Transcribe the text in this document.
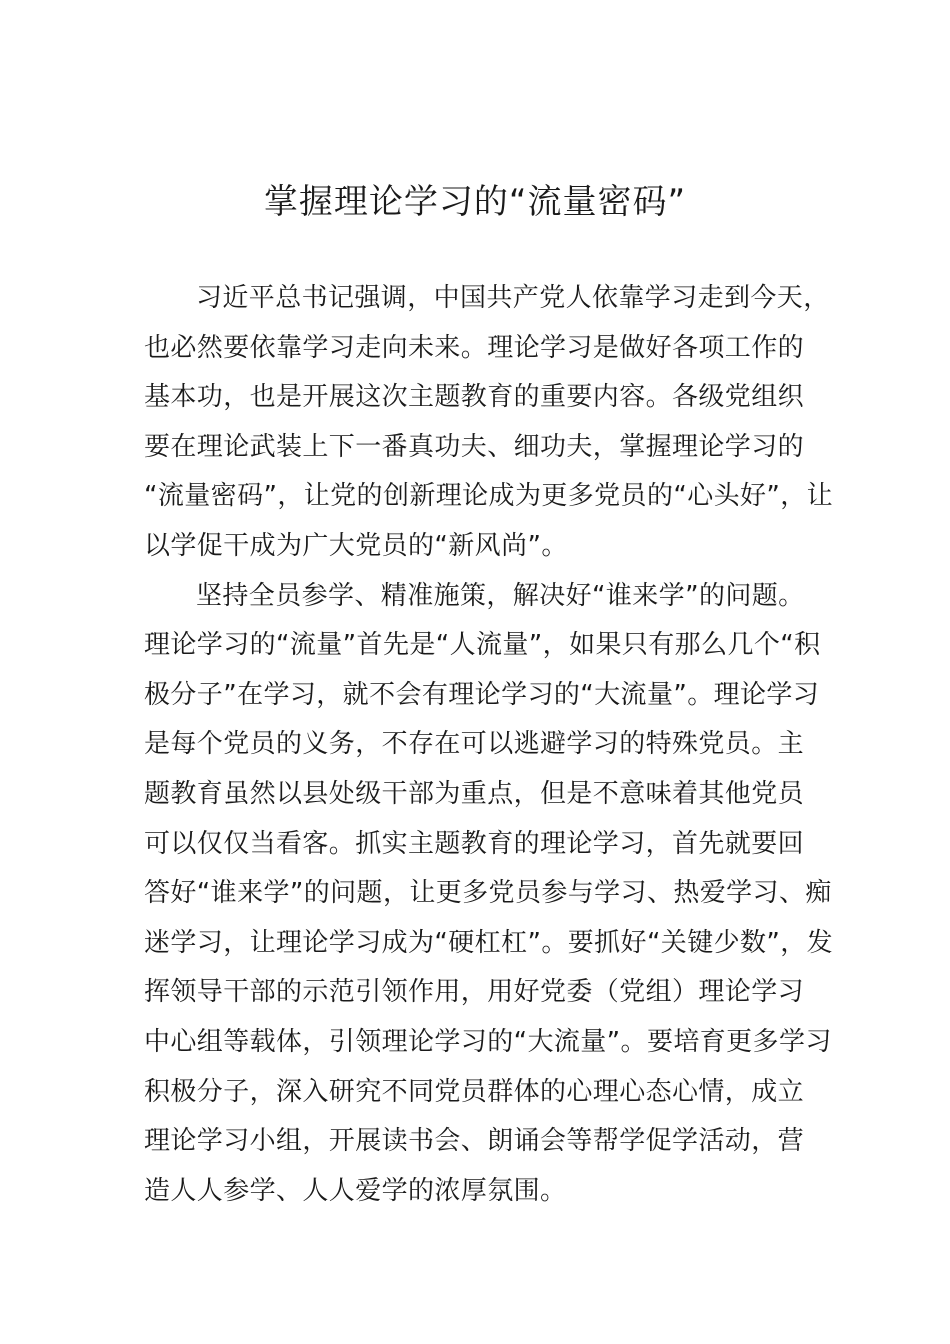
掌握理论学习的“流量密码”
习近平总书记强调，中国共产党人依靠学习走到今天，
也必然要依靠学习走向未来。理论学习是做好各项工作的
基本功，也是开展这次主题教育的重要内容。各级党组织
要在理论武装上下一番真功夫、细功夫，掌握理论学习的
“流量密码”，让党的创新理论成为更多党员的“心头好”，让
以学促干成为广大党员的“新风尚”。
坚持全员参学、精准施策，解决好“谁来学”的问题。
理论学习的“流量”首先是“人流量”，如果只有那么几个“积
极分子”在学习，就不会有理论学习的“大流量”。理论学习
是每个党员的义务，不存在可以逃避学习的特殊党员。主
题教育虽然以县处级干部为重点，但是不意味着其他党员
可以仅仅当看客。抓实主题教育的理论学习，首先就要回
答好“谁来学”的问题，让更多党员参与学习、热爱学习、痴
迷学习，让理论学习成为“硬杠杠”。要抓好“关键少数”，发
挥领导干部的示范引领作用，用好党委（党组）理论学习
中心组等载体，引领理论学习的“大流量”。要培育更多学习
积极分子，深入研究不同党员群体的心理心态心情，成立
理论学习小组，开展读书会、朗诵会等帮学促学活动，营
造人人参学、人人爱学的浓厚氛围。
